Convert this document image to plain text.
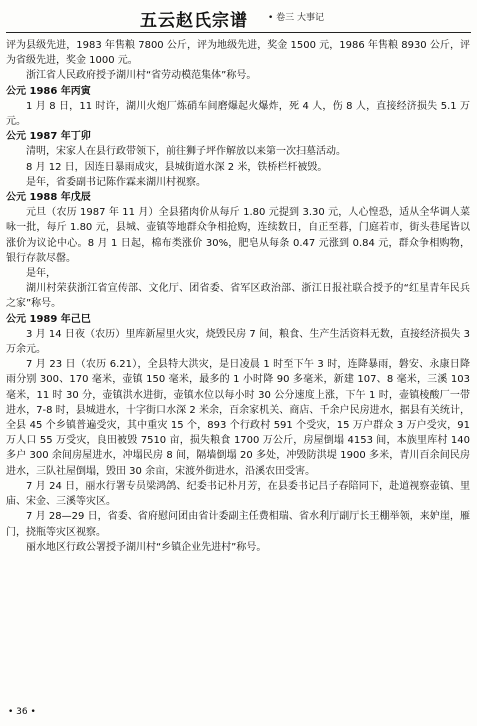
五云赵氏宗谱 • 卷三 大事记

评为县级先进，1983 年售粮 7800 公斤，评为地级先进，奖金 1500 元，1986 年售粮 8930 公斤，评为省级先进，奖金 1000 元。

浙江省人民政府授予湖川村“省劳动模范集体”称号。

公元 1986 年丙寅

1 月 8 日，11 时许，湖川火炮厂炼硝车间磨爆起火爆炸，死 4 人，伤 8 人，直接经济损失 5.1 万元。

公元 1987 年丁卯

清明，宋家人在县行政带领下，前往狮子坪作解放以来第一次扫墓活动。

8 月 12 日，因连日暴雨成灾，县城街道水深 2 米，铁桥栏杆被毁。

是年，省委副书记陈作霖来湖川村视察。

公元 1988 年戊辰

元旦（农历 1987 年 11 月）全县猪肉价从每斤 1.80 元提到 3.30 元，人心惶恐，适从全华调人菜咏一批，每斤 1.80 元，县城、壶镇等地群众争相抢购，连续数日，自正至暮，门庭若市，街头巷尾皆以涨价为议论中心。8 月 1 日起，棉布类涨价 30%，肥皂从每条 0.47 元涨到 0.84 元，群众争相购物，银行存款尽罄。

是年，

湖川村荣获浙江省宣传部、文化厅、团省委、省军区政治部、浙江日报社联合授予的“红星青年民兵之家”称号。

公元 1989 年己巳

3 月 14 日夜（农历）里库新屋里火灾，烧毁民房 7 间，粮食、生产生活资料无数，直接经济损失 3 万余元。

7 月 23 日（农历 6.21），全县特大洪灾，是日凌晨 1 时至下午 3 时，连降暴雨，磐安、永康日降雨分别 300、170 毫米，壶镇 150 毫米，最多的 1 小时降 90 多毫米，新建 107、8 毫米，三溪 103 毫米，11 时 30 分，壶镇洪水进街，壶镇水位以每小时 30 公分速度上涨，下午 1 时，壶镇棱酸厂一带进水，7-8 时，县城进水，十字街口水深 2 米余，百余家机关、商店、千余户民房进水，据县有关统计，全县 45 个乡镇普遍受灾，其中重灾 15 个，893 个行政村 591 个受灾，15 万户群众 3 万户受灾，91 万人口 55 万受灾，良田被毁 7510 亩，损失粮食 1700 万公斤，房屋倒塌 4153 间，本族里库村 140 多户 300 余间房屋进水，冲塌民房 8 间，隔墙倒塌 20 多处，冲毁防洪堤 1900 多米，青川百余间民房进水，三队社屋倒塌，毁田 30 余亩，宋渡外街进水，沿溪农田受害。

7 月 24 日，丽水行署专员梁鸿鸽、纪委书记朴月芳，在县委书记吕子春陪同下，赴道视察壶镇、里庙、宋金、三溪等灾区。

7 月 28—29 日，省委、省府慰问团由省计委副主任费相瑞、省水利厅副厅长王棚举领，来妒崖，雁门，挠瓶等灾区视察。

丽水地区行政公署授予湖川村“乡镇企业先进村”称号。

• 36 •
